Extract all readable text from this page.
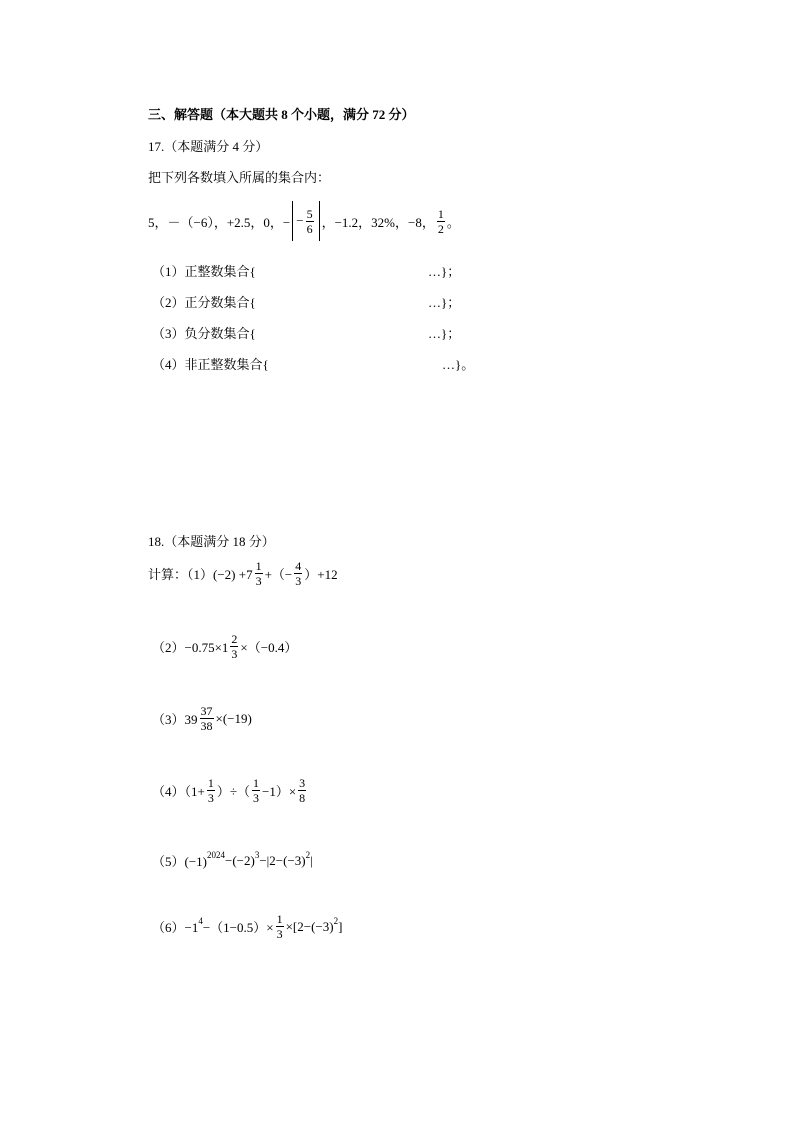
三、解答题（本大题共 8 个小题，满分 72 分）
17.（本题满分 4 分）
把下列各数填入所属的集合内：
5，－（−6），+2.5，0，− − $\frac{5}{6}$ ，−1.2，32%，−8， $\frac{1}{2}$ 。
（1）正整数集合{	…}；
（2）正分数集合{	…}；
（3）负分数集合{	…}；
（4）非正整数集合{	…}。
18.（本题满分 18 分）
计算：$(1)(-2) +7 \frac{1}{3}$ +（− $\frac{4}{3} )+12$
$(2)-0.75\times 1 \frac{2}{3} \times(-0.4)$
$(3)39 \frac{37}{38} \times(-19)$
$(4)(1+ \frac{1}{3}$ ）÷（ $\frac{1}{3} -1)\times \frac{3}{8}$
（5）(−1) 2024 −(−2) 3 −|2−(−3) 2 |
（6）−1 $4 -(1-0.5)\times \frac{1}{3} \times[2-(-3)$ 2 ]
